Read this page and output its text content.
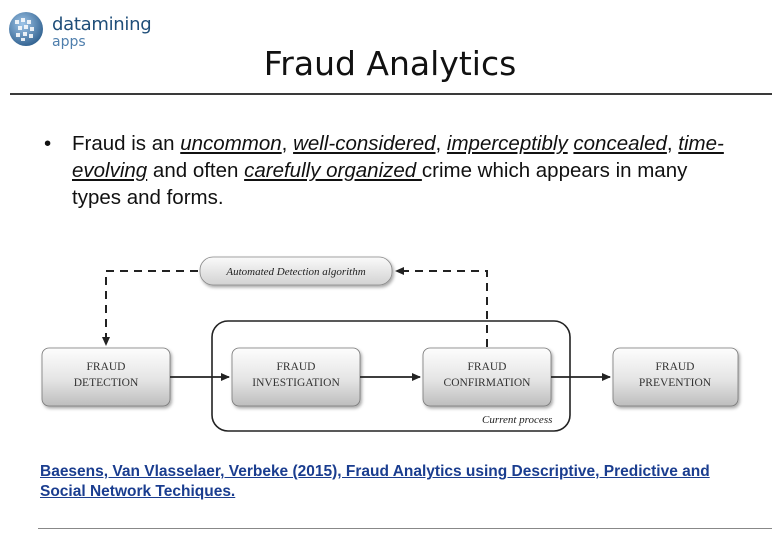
datamining
apps
Fraud Analytics
• Fraud is an uncommon, well-considered, imperceptibly concealed, time-evolving and often carefully organized crime which appears in many types and forms.
Current process
Automated Detection algorithm
FRAUD
DETECTION
FRAUD
INVESTIGATION
FRAUD
CONFIRMATION
FRAUD
PREVENTION
Baesens, Van Vlasselaer, Verbeke (2015), Fraud Analytics using Descriptive, Predictive and Social Network Techiques.
